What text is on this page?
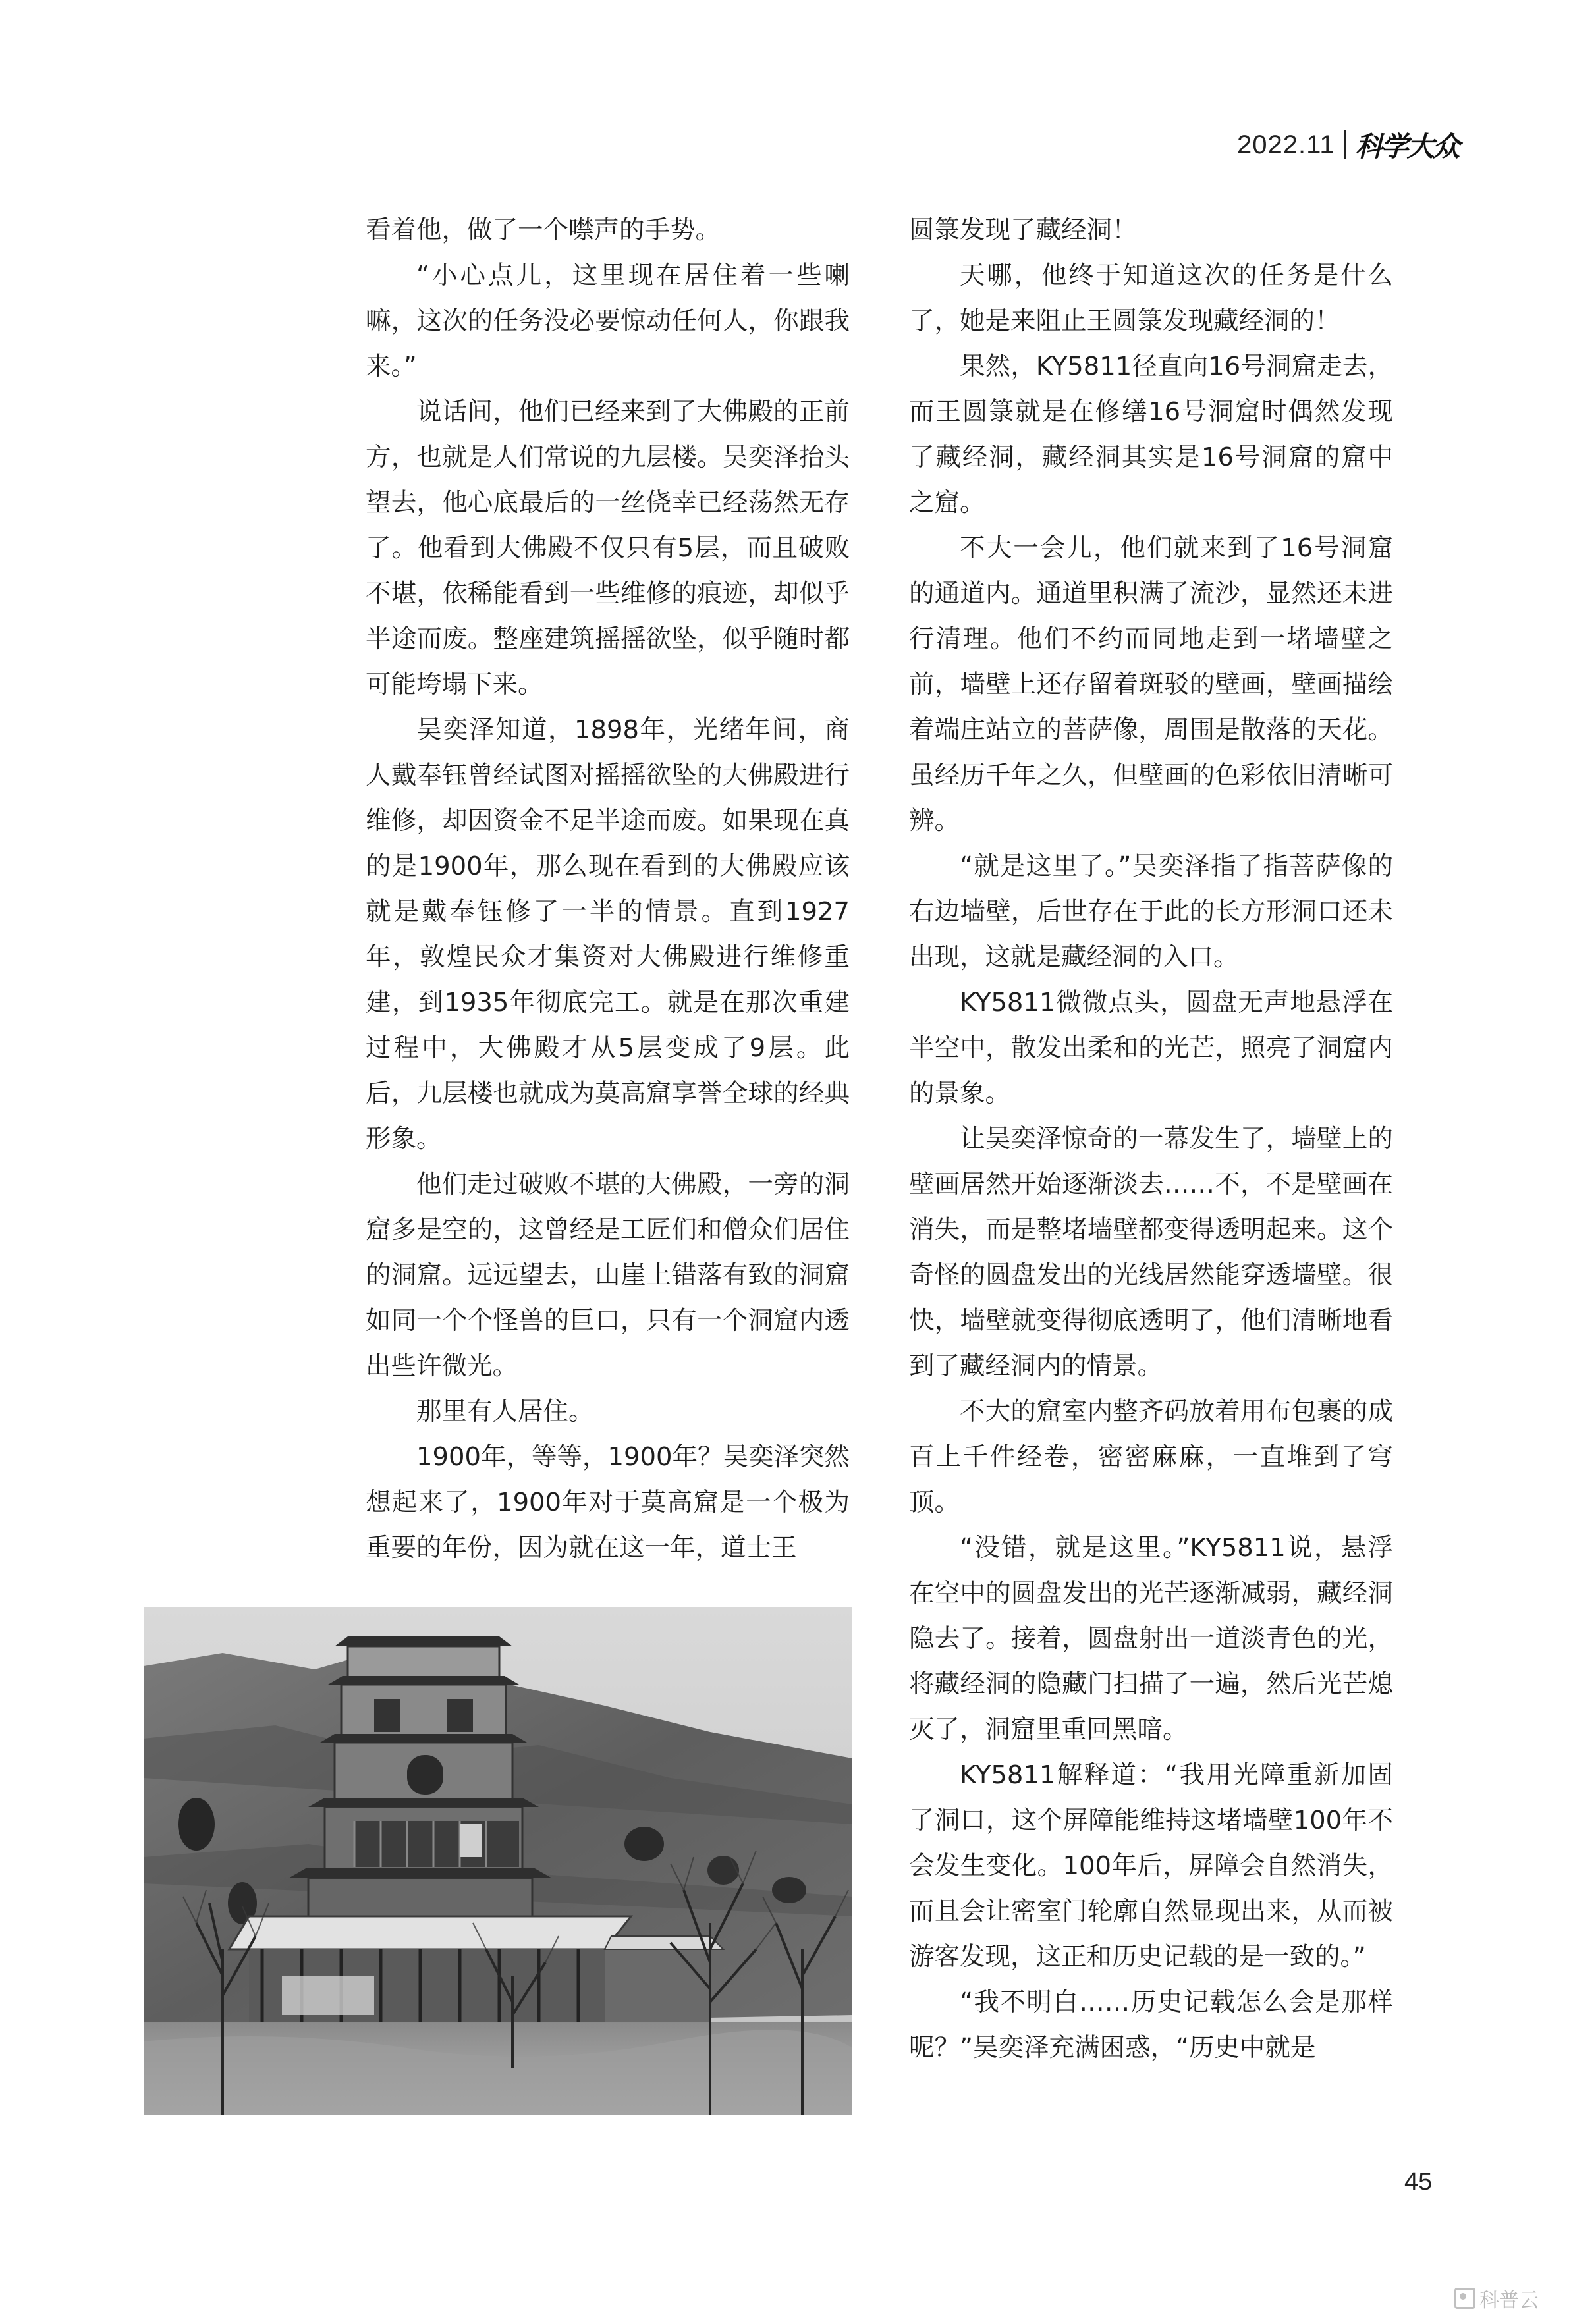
2022.11 科学大众

看着他，做了一个噤声的手势。

“小心点儿，这里现在居住着一些喇嘛，这次的任务没必要惊动任何人，你跟我来。”

说话间，他们已经来到了大佛殿的正前方，也就是人们常说的九层楼。吴奕泽抬头望去，他心底最后的一丝侥幸已经荡然无存了。他看到大佛殿不仅只有5层，而且破败不堪，依稀能看到一些维修的痕迹，却似乎半途而废。整座建筑摇摇欲坠，似乎随时都可能垮塌下来。

吴奕泽知道，1898年，光绪年间，商人戴奉钰曾经试图对摇摇欲坠的大佛殿进行维修，却因资金不足半途而废。如果现在真的是1900年，那么现在看到的大佛殿应该就是戴奉钰修了一半的情景。直到1927年，敦煌民众才集资对大佛殿进行维修重建，到1935年彻底完工。就是在那次重建过程中，大佛殿才从5层变成了9层。此后，九层楼也就成为莫高窟享誉全球的经典形象。

他们走过破败不堪的大佛殿，一旁的洞窟多是空的，这曾经是工匠们和僧众们居住的洞窟。远远望去，山崖上错落有致的洞窟如同一个个怪兽的巨口，只有一个洞窟内透出些许微光。

那里有人居住。

1900年，等等，1900年？吴奕泽突然想起来了，1900年对于莫高窟是一个极为重要的年份，因为就在这一年，道士王

圆箓发现了藏经洞！

天哪，他终于知道这次的任务是什么了，她是来阻止王圆箓发现藏经洞的！

果然，KY5811径直向16号洞窟走去，而王圆箓就是在修缮16号洞窟时偶然发现了藏经洞，藏经洞其实是16号洞窟的窟中之窟。

不大一会儿，他们就来到了16号洞窟的通道内。通道里积满了流沙，显然还未进行清理。他们不约而同地走到一堵墙壁之前，墙壁上还存留着斑驳的壁画，壁画描绘着端庄站立的菩萨像，周围是散落的天花。虽经历千年之久，但壁画的色彩依旧清晰可辨。

“就是这里了。”吴奕泽指了指菩萨像的右边墙壁，后世存在于此的长方形洞口还未出现，这就是藏经洞的入口。

KY5811微微点头，圆盘无声地悬浮在半空中，散发出柔和的光芒，照亮了洞窟内的景象。

让吴奕泽惊奇的一幕发生了，墙壁上的壁画居然开始逐渐淡去……不，不是壁画在消失，而是整堵墙壁都变得透明起来。这个奇怪的圆盘发出的光线居然能穿透墙壁。很快，墙壁就变得彻底透明了，他们清晰地看到了藏经洞内的情景。

不大的窟室内整齐码放着用布包裹的成百上千件经卷，密密麻麻，一直堆到了穹顶。

“没错，就是这里。”KY5811说，悬浮在空中的圆盘发出的光芒逐渐减弱，藏经洞隐去了。接着，圆盘射出一道淡青色的光，将藏经洞的隐藏门扫描了一遍，然后光芒熄灭了，洞窟里重回黑暗。

KY5811解释道：“我用光障重新加固了洞口，这个屏障能维持这堵墙壁100年不会发生变化。100年后，屏障会自然消失，而且会让密室门轮廓自然显现出来，从而被游客发现，这正和历史记载的是一致的。”

“我不明白……历史记载怎么会是那样呢？”吴奕泽充满困惑，“历史中就是

45
科普云
